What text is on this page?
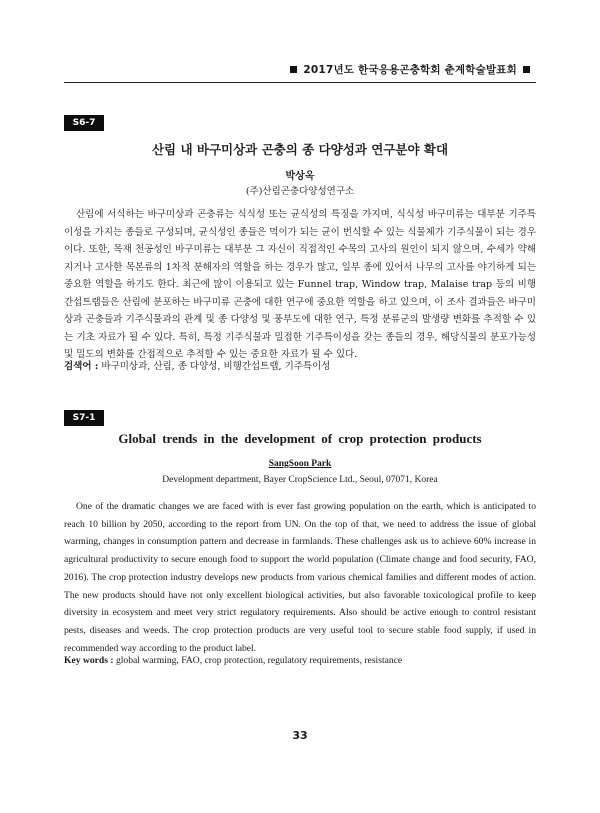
2017년도 한국응용곤충학회 춘계학술발표회
S6-7
산림 내 바구미상과 곤충의 종 다양성과 연구분야 확대
박상옥
(주)산림곤충다양성연구소

산림에 서식하는 바구미상과 곤충류는 식식성 또는 균식성의 특징을 가지며, 식식성 바구미류는 대부분 기주특이성을 가지는 종들로 구성되며, 균식성인 종들은 먹이가 되는 균이 번식할 수 있는 식물체가 기주식물이 되는 경우이다. 또한, 목재 천공성인 바구미류는 대부분 그 자신이 직접적인 수목의 고사의 원인이 되지 않으며, 수세가 약해지거나 고사한 목본류의 1차적 분해자의 역할을 하는 경우가 많고, 일부 종에 있어서 나무의 고사를 야기하게 되는 중요한 역할을 하기도 한다. 최근에 많이 이용되고 있는 Funnel trap, Window trap, Malaise trap 등의 비행간섭트랩들은 산림에 분포하는 바구미류 곤충에 대한 연구에 중요한 역할을 하고 있으며, 이 조사 결과들은 바구미상과 곤충들과 기주식물과의 관계 및 종 다양성 및 풍부도에 대한 연구, 특정 분류군의 발생량 변화를 추적할 수 있는 기초 자료가 될 수 있다. 특히, 특정 기주식물과 밀접한 기주특이성을 갖는 종들의 경우, 해당식물의 분포가능성 및 밀도의 변화를 간접적으로 추적할 수 있는 중요한 자료가 될 수 있다.

검색어 : 바구미상과, 산림, 종 다양성, 비행간섭트랩, 기주특이성
S7-1
Global trends in the development of crop protection products
SangSoon Park
Development department, Bayer CropScience Ltd., Seoul, 07071, Korea

One of the dramatic changes we are faced with is ever fast growing population on the earth, which is anticipated to reach 10 billion by 2050, according to the report from UN. On the top of that, we need to address the issue of global warming, changes in consumption pattern and decrease in farmlands. These challenges ask us to achieve 60% increase in agricultural productivity to secure enough food to support the world population (Climate change and food security, FAO, 2016). The crop protection industry develops new products from various chemical families and different modes of action. The new products should have not only excellent biological activities, but also favorable toxicological profile to keep diversity in ecosystem and meet very strict regulatory requirements. Also should be active enough to control resistant pests, diseases and weeds. The crop protection products are very useful tool to secure stable food supply, if used in recommended way according to the product label.

Key words : global warming, FAO, crop protection, regulatory requirements, resistance
33
